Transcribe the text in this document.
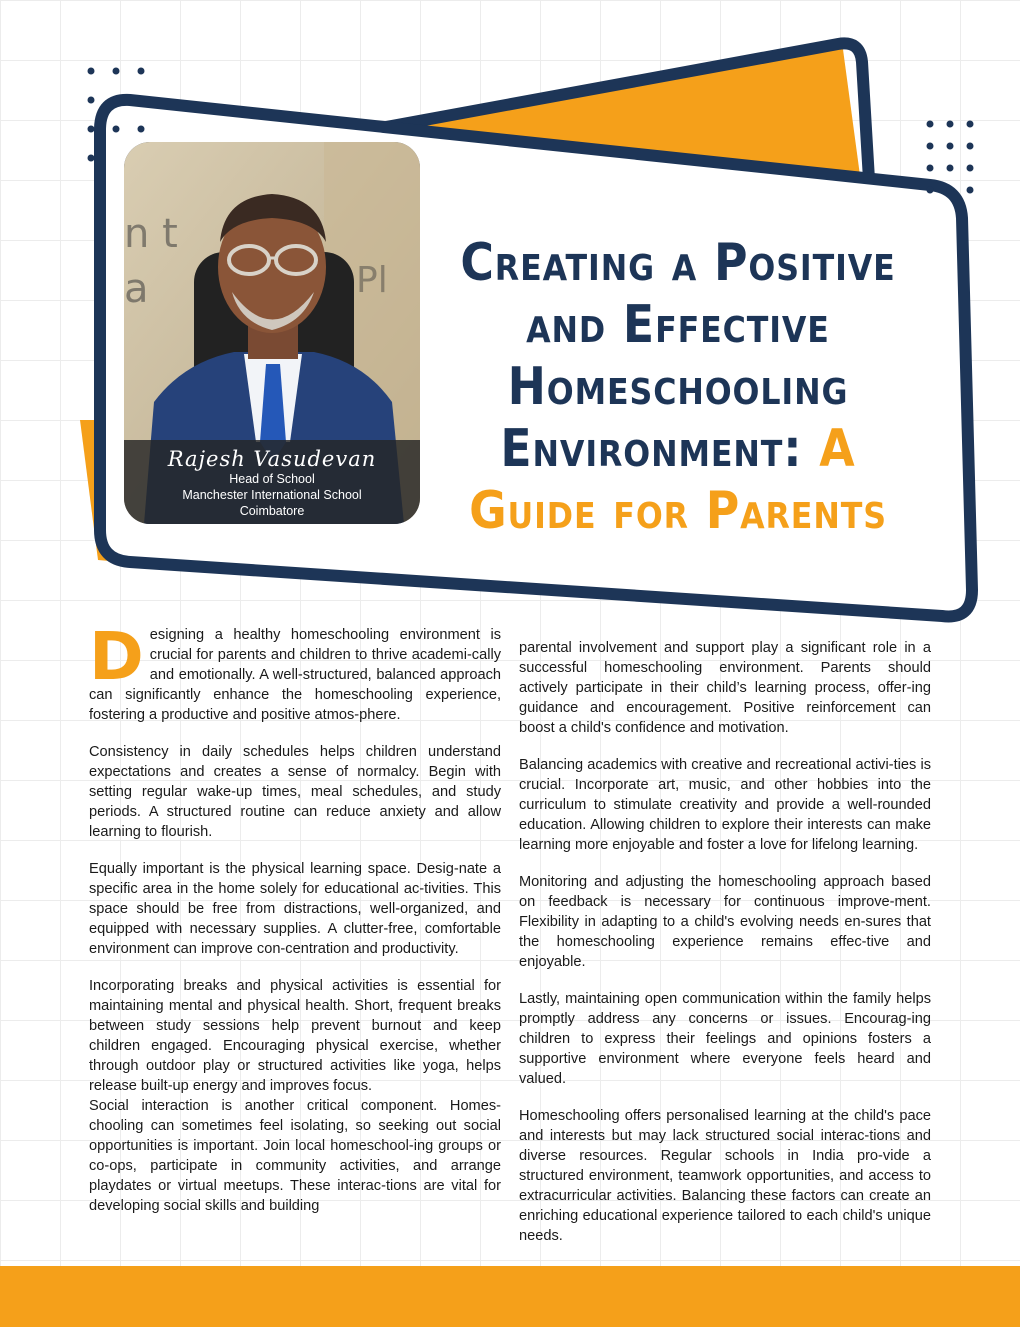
n t
a	Pl
Rajesh Vasudevan
Head of School
Manchester International School
Coimbatore
Creating a Positive
and Effective
Homeschooling
Environment: A
Guide for Parents

Designing a healthy homeschooling environment is crucial for parents and children to thrive academi-cally and emotionally. A well-structured, balanced approach can significantly enhance the homeschooling experience, fostering a productive and positive atmos-phere.

Consistency in daily schedules helps children understand expectations and creates a sense of normalcy. Begin with setting regular wake-up times, meal schedules, and study periods. A structured routine can reduce anxiety and allow learning to flourish.

Equally important is the physical learning space. Desig-nate a specific area in the home solely for educational ac-tivities. This space should be free from distractions, well-organized, and equipped with necessary supplies. A clutter-free, comfortable environment can improve con-centration and productivity.

Incorporating breaks and physical activities is essential for maintaining mental and physical health. Short, frequent breaks between study sessions help prevent burnout and keep children engaged. Encouraging physical exercise, whether through outdoor play or structured activities like yoga, helps release built-up energy and improves focus.

Social interaction is another critical component. Homes-chooling can sometimes feel isolating, so seeking out social opportunities is important. Join local homeschool-ing groups or co-ops, participate in community activities, and arrange playdates or virtual meetups. These interac-tions are vital for developing social skills and building

parental involvement and support play a significant role in a successful homeschooling environment. Parents should actively participate in their child’s learning process, offer-ing guidance and encouragement. Positive reinforcement can boost a child's confidence and motivation.

Balancing academics with creative and recreational activi-ties is crucial. Incorporate art, music, and other hobbies into the curriculum to stimulate creativity and provide a well-rounded education. Allowing children to explore their interests can make learning more enjoyable and foster a love for lifelong learning.

Monitoring and adjusting the homeschooling approach based on feedback is necessary for continuous improve-ment. Flexibility in adapting to a child's evolving needs en-sures that the homeschooling experience remains effec-tive and enjoyable.

Lastly, maintaining open communication within the family helps promptly address any concerns or issues. Encourag-ing children to express their feelings and opinions fosters a supportive environment where everyone feels heard and valued.

Homeschooling offers personalised learning at the child's pace and interests but may lack structured social interac-tions and diverse resources. Regular schools in India pro-vide a structured environment, teamwork opportunities, and access to extracurricular activities. Balancing these factors can create an enriching educational experience tailored to each child's unique needs.
